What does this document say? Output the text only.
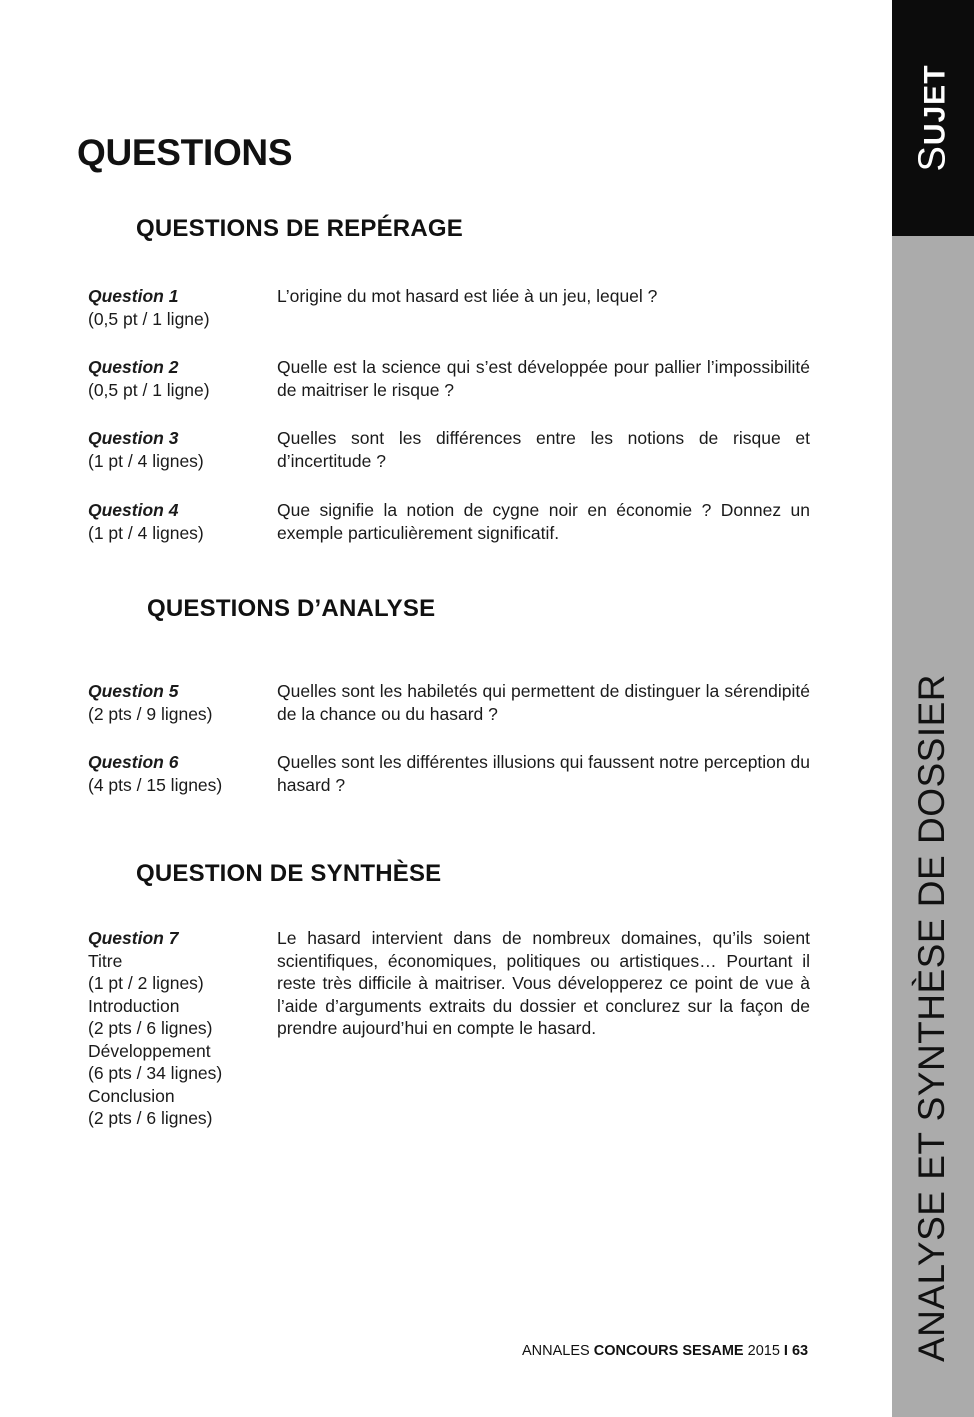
SUJET
ANALYSE ET SYNTHÈSE DE DOSSIER
QUESTIONS
QUESTIONS DE REPÉRAGE
Question 1
(0,5 pt / 1 ligne)
L’origine du mot hasard est liée à un jeu, lequel ?
Question 2
(0,5 pt / 1 ligne)
Quelle est la science qui s’est développée pour pallier l’impossibilité de maitriser le risque ?
Question 3
(1 pt / 4 lignes)
Quelles sont les différences entre les notions de risque et d’incertitude ?
Question 4
(1 pt / 4 lignes)
Que signifie la notion de cygne noir en économie ? Donnez un exemple particulièrement significatif.
QUESTIONS D’ANALYSE
Question 5
(2 pts / 9 lignes)
Quelles sont les habiletés qui permettent de distinguer la sérendipité de la chance ou du hasard ?
Question 6
(4 pts / 15 lignes)
Quelles sont les différentes illusions qui faussent notre perception du hasard ?
QUESTION DE SYNTHÈSE
Question 7
Titre
(1 pt / 2 lignes)
Introduction
(2 pts / 6 lignes)
Développement
(6 pts / 34 lignes)
Conclusion
(2 pts / 6 lignes)
Le hasard intervient dans de nombreux domaines, qu’ils soient scientifiques, économiques, politiques ou artistiques… Pourtant il reste très difficile à maitriser. Vous développerez ce point de vue à l’aide d’arguments extraits du dossier et conclurez sur la façon de prendre aujourd’hui en compte le hasard.
ANNALES CONCOURS SESAME 2015 I 63
